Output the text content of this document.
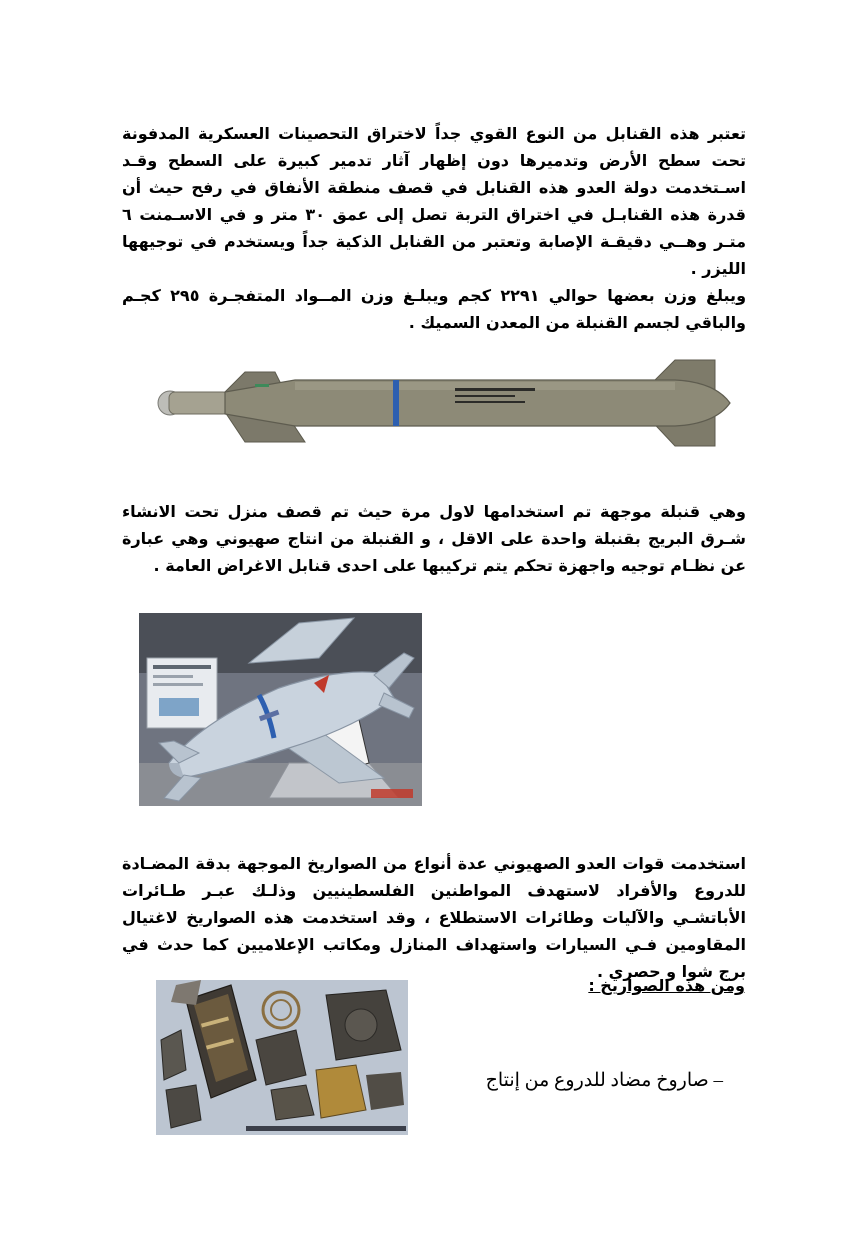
تعتبر هذه القنابل من النوع القوي جداً لاختراق التحصينات العسكرية المدفونة تحت سطح الأرض وتدميرها دون إظهار آثار تدمير كبيرة على السطح وقـد اسـتخدمت دولة العدو هذه القنابل في قصف منطقة الأنفاق في رفح حيث أن قدرة هذه القنابـل في اختراق التربة تصل إلى عمق ٣٠ متر و في الاسـمنت ٦ متـر وهــي دقيقـة الإصابة وتعتبر من القنابل الذكية جداً ويستخدم في توجيهها الليزر .
ويبلغ وزن بعضها حوالي ٢٢٩١ كجم ويبلـغ وزن المــواد المتفجـرة ٢٩٥ كجـم والباقي لجسم القنبلة من المعدن السميك .
وهي قنبلة موجهة تم استخدامها لاول مرة حيث تم قصف منزل تحت الانشاء شـرق البريج بقنبلة واحدة على الاقل ، و القنبلة من انتاج صهيوني وهي عبارة عن نظـام توجيه واجهزة تحكم يتم تركيبها على احدى قنابل الاغراض العامة .
استخدمت قوات العدو الصهيوني عدة أنواع من الصواريخ الموجهة بدقة المضـادة للدروع والأفراد لاستهدف المواطنين الفلسطينيين وذلـك عبـر طـائرات الأباتشـي والآليات وطائرات الاستطلاع ، وقد استخدمت هذه الصواريخ لاغتيال المقاومين فـي السيارات واستهداف المنازل ومكاتب الإعلاميين كما حدث في برج شوا و حصري .
ومن هذه الصواريخ :
– صاروخ مضاد للدروع من إنتاج
